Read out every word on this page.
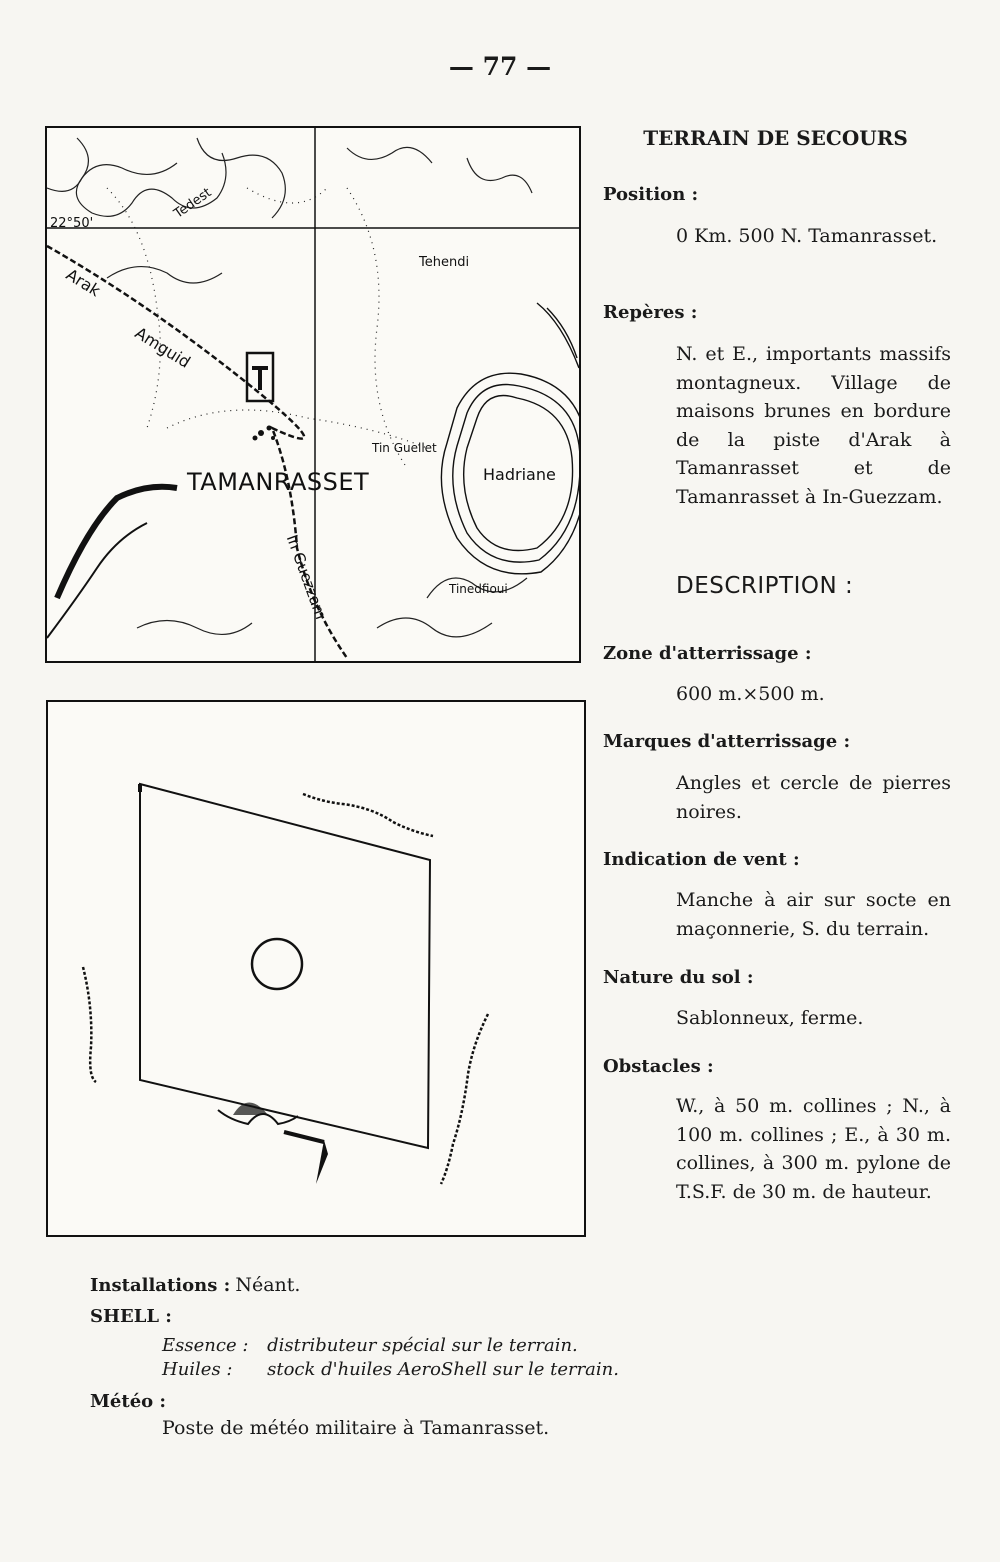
— 77 —
22°50'
Tedest
Tehendi
Arak
Amguid
Tin Guellet
TAMANRASSET	Hadriane
In Guezzam	Tinedfioui
TERRAIN DE SECOURS
Position :
0 Km. 500 N. Tamanrasset.
Repères :
N. et E., importants massifs montagneux. Village de maisons brunes en bordure de la piste d'Arak à Tamanrasset et de Tamanrasset à In-Guezzam.
DESCRIPTION :
Zone d'atterrissage :
600 m.×500 m.
Marques d'atterrissage :
Angles et cercle de pierres noires.
Indication de vent :
Manche à air sur socte en maçonnerie, S. du terrain.
Nature du sol :
Sablonneux, ferme.
Obstacles :
W., à 50 m. collines ; N., à 100 m. collines ; E., à 30 m. collines, à 300 m. pylone de T.S.F. de 30 m. de hauteur.
Installations : Néant.
SHELL :
Essence : distributeur spécial sur le terrain.
Huiles : stock d'huiles AeroShell sur le terrain.
Météo :
Poste de météo militaire à Tamanrasset.
